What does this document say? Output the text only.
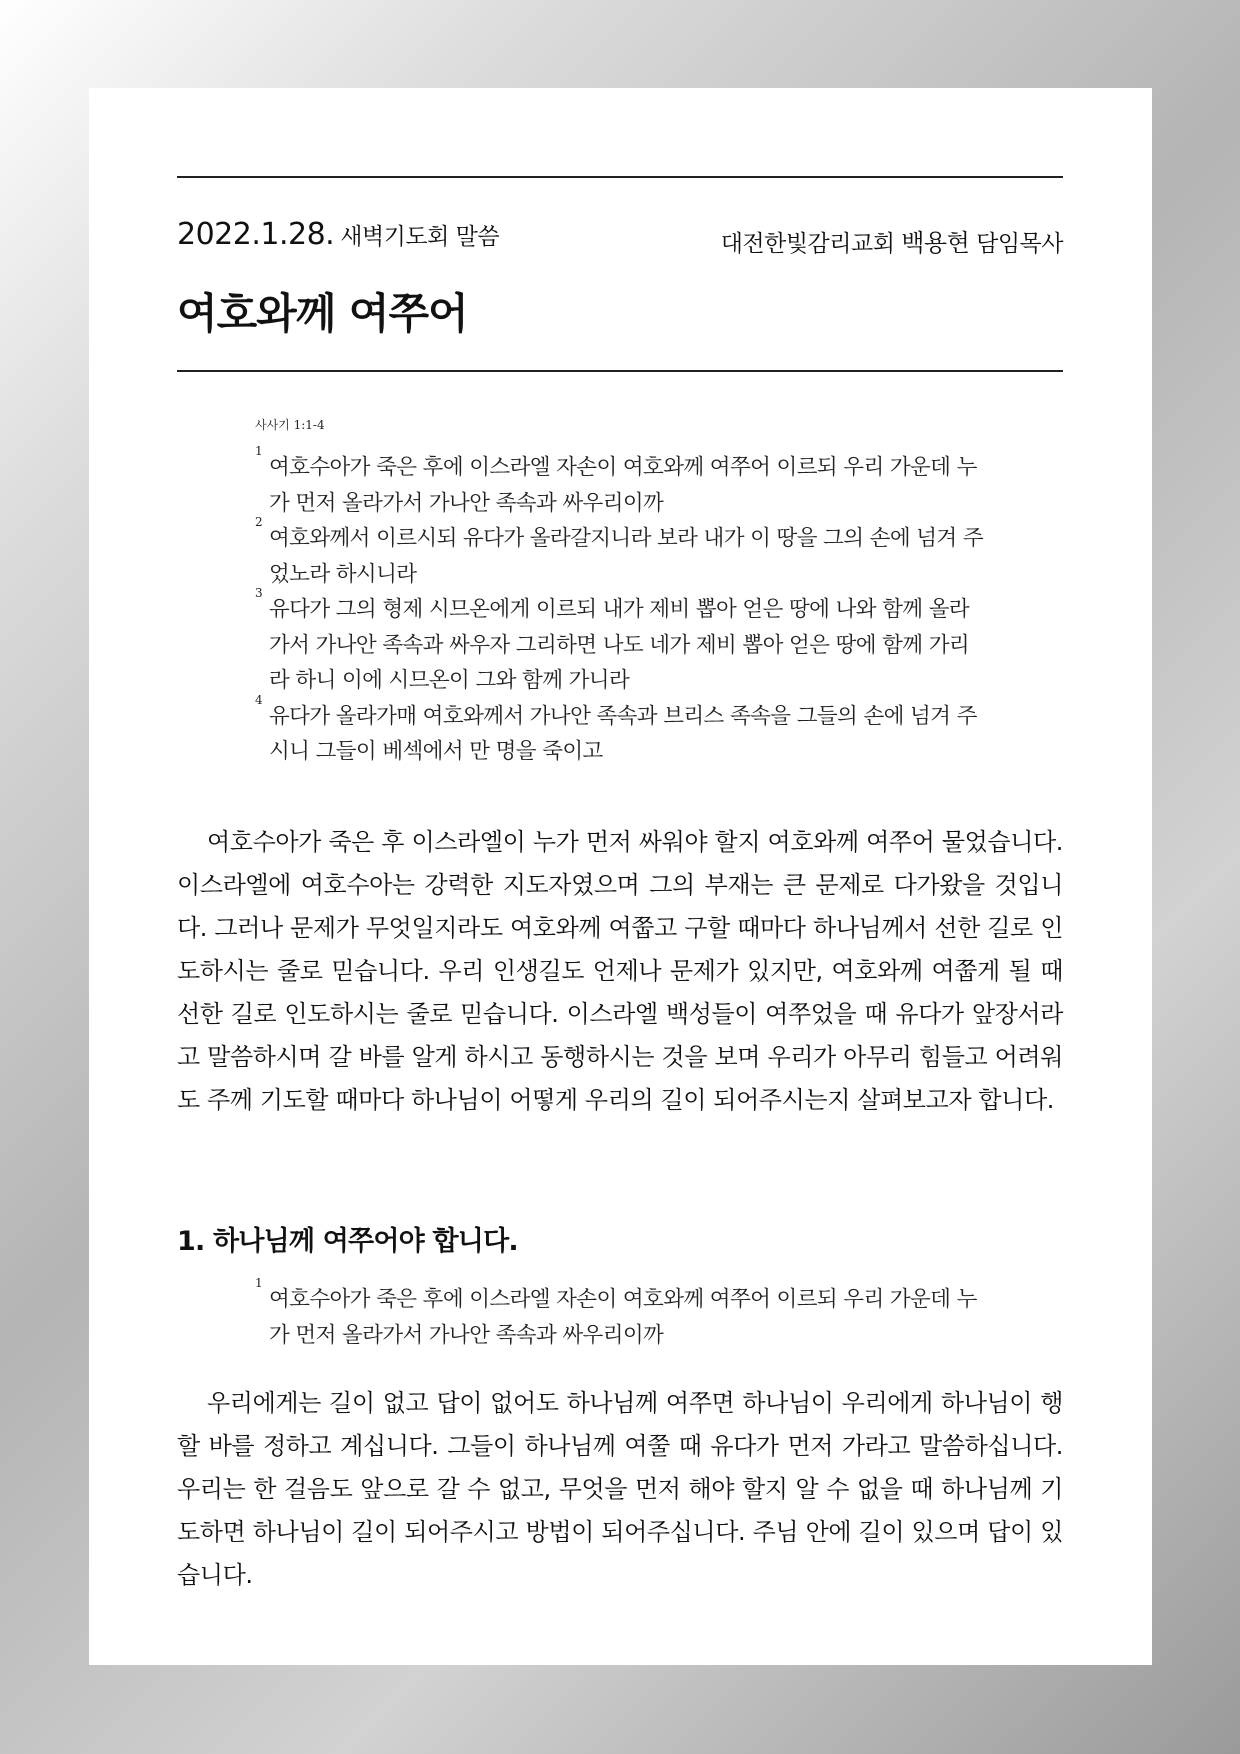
2022.1.28. 새벽기도회 말씀	대전한빛감리교회 백용현 담임목사
여호와께 여쭈어
사사기 1:1-4
1
여호수아가 죽은 후에 이스라엘 자손이 여호와께 여쭈어 이르되 우리 가운데 누가 먼저 올라가서 가나안 족속과 싸우리이까
2
여호와께서 이르시되 유다가 올라갈지니라 보라 내가 이 땅을 그의 손에 넘겨 주었노라 하시니라
3
유다가 그의 형제 시므온에게 이르되 내가 제비 뽑아 얻은 땅에 나와 함께 올라가서 가나안 족속과 싸우자 그리하면 나도 네가 제비 뽑아 얻은 땅에 함께 가리라 하니 이에 시므온이 그와 함께 가니라
4
유다가 올라가매 여호와께서 가나안 족속과 브리스 족속을 그들의 손에 넘겨 주시니 그들이 베섹에서 만 명을 죽이고

여호수아가 죽은 후 이스라엘이 누가 먼저 싸워야 할지 여호와께 여쭈어 물었습니다. 이스라엘에 여호수아는 강력한 지도자였으며 그의 부재는 큰 문제로 다가왔을 것입니다. 그러나 문제가 무엇일지라도 여호와께 여쭙고 구할 때마다 하나님께서 선한 길로 인도하시는 줄로 믿습니다. 우리 인생길도 언제나 문제가 있지만, 여호와께 여쭙게 될 때 선한 길로 인도하시는 줄로 믿습니다. 이스라엘 백성들이 여쭈었을 때 유다가 앞장서라고 말씀하시며 갈 바를 알게 하시고 동행하시는 것을 보며 우리가 아무리 힘들고 어려워도 주께 기도할 때마다 하나님이 어떻게 우리의 길이 되어주시는지 살펴보고자 합니다.

1. 하나님께 여쭈어야 합니다.
1
여호수아가 죽은 후에 이스라엘 자손이 여호와께 여쭈어 이르되 우리 가운데 누가 먼저 올라가서 가나안 족속과 싸우리이까

우리에게는 길이 없고 답이 없어도 하나님께 여쭈면 하나님이 우리에게 하나님이 행할 바를 정하고 계십니다. 그들이 하나님께 여쭐 때 유다가 먼저 가라고 말씀하십니다. 우리는 한 걸음도 앞으로 갈 수 없고, 무엇을 먼저 해야 할지 알 수 없을 때 하나님께 기도하면 하나님이 길이 되어주시고 방법이 되어주십니다. 주님 안에 길이 있으며 답이 있습니다.
